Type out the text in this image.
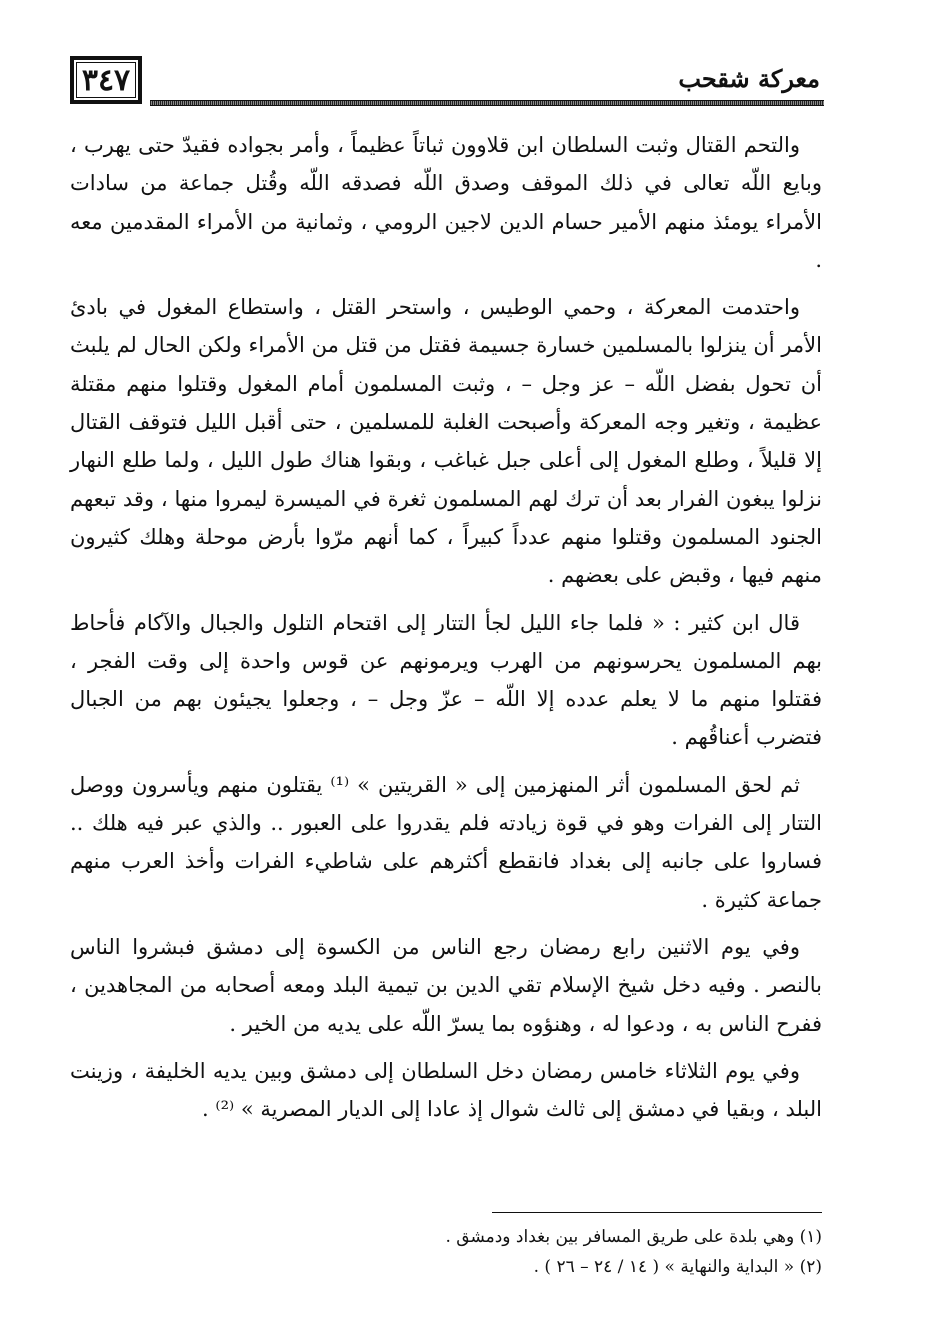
٣٤٧	معركة شقحب

والتحم القتال وثبت السلطان ابن قلاوون ثباتاً عظيماً ، وأمر بجواده فقيدّ حتى يهرب ، وبايع اللّه تعالى في ذلك الموقف وصدق اللّه فصدقه اللّه وقُتل جماعة من سادات الأمراء يومئذ منهم الأمير حسام الدين لاجين الرومي ، وثمانية من الأمراء المقدمين معه .

واحتدمت المعركة ، وحمي الوطيس ، واستحر القتل ، واستطاع المغول في بادئ الأمر أن ينزلوا بالمسلمين خسارة جسيمة فقتل من قتل من الأمراء ولكن الحال لم يلبث أن تحول بفضل اللّه – عز وجل – ، وثبت المسلمون أمام المغول وقتلوا منهم مقتلة عظيمة ، وتغير وجه المعركة وأصبحت الغلبة للمسلمين ، حتى أقبل الليل فتوقف القتال إلا قليلاً ، وطلع المغول إلى أعلى جبل غباغب ، وبقوا هناك طول الليل ، ولما طلع النهار نزلوا يبغون الفرار بعد أن ترك لهم المسلمون ثغرة في الميسرة ليمروا منها ، وقد تبعهم الجنود المسلمون وقتلوا منهم عدداً كبيراً ، كما أنهم مرّوا بأرض موحلة وهلك كثيرون منهم فيها ، وقبض على بعضهم .

قال ابن كثير : « فلما جاء الليل لجأ التتار إلى اقتحام التلول والجبال والآكام فأحاط بهم المسلمون يحرسونهم من الهرب ويرمونهم عن قوس واحدة إلى وقت الفجر ، فقتلوا منهم ما لا يعلم عدده إلا اللّه – عزّ وجل – ، وجعلوا يجيئون بهم من الجبال فتضرب أعناقُهم .

ثم لحق المسلمون أثر المنهزمين إلى « القريتين » ⁽¹⁾ يقتلون منهم ويأسرون ووصل التتار إلى الفرات وهو في قوة زيادته فلم يقدروا على العبور .. والذي عبر فيه هلك .. فساروا على جانبه إلى بغداد فانقطع أكثرهم على شاطيء الفرات وأخذ العرب منهم جماعة كثيرة .

وفي يوم الاثنين رابع رمضان رجع الناس من الكسوة إلى دمشق فبشروا الناس بالنصر . وفيه دخل شيخ الإسلام تقي الدين بن تيمية البلد ومعه أصحابه من المجاهدين ، ففرح الناس به ، ودعوا له ، وهنؤوه بما يسرّ اللّه على يديه من الخير .

وفي يوم الثلاثاء خامس رمضان دخل السلطان إلى دمشق وبين يديه الخليفة ، وزينت البلد ، وبقيا في دمشق إلى ثالث شوال إذ عادا إلى الديار المصرية » ⁽²⁾ .

(١) وهي بلدة على طريق المسافر بين بغداد ودمشق .

(٢) « البداية والنهاية » ( ١٤ / ٢٤ – ٢٦ ) .
